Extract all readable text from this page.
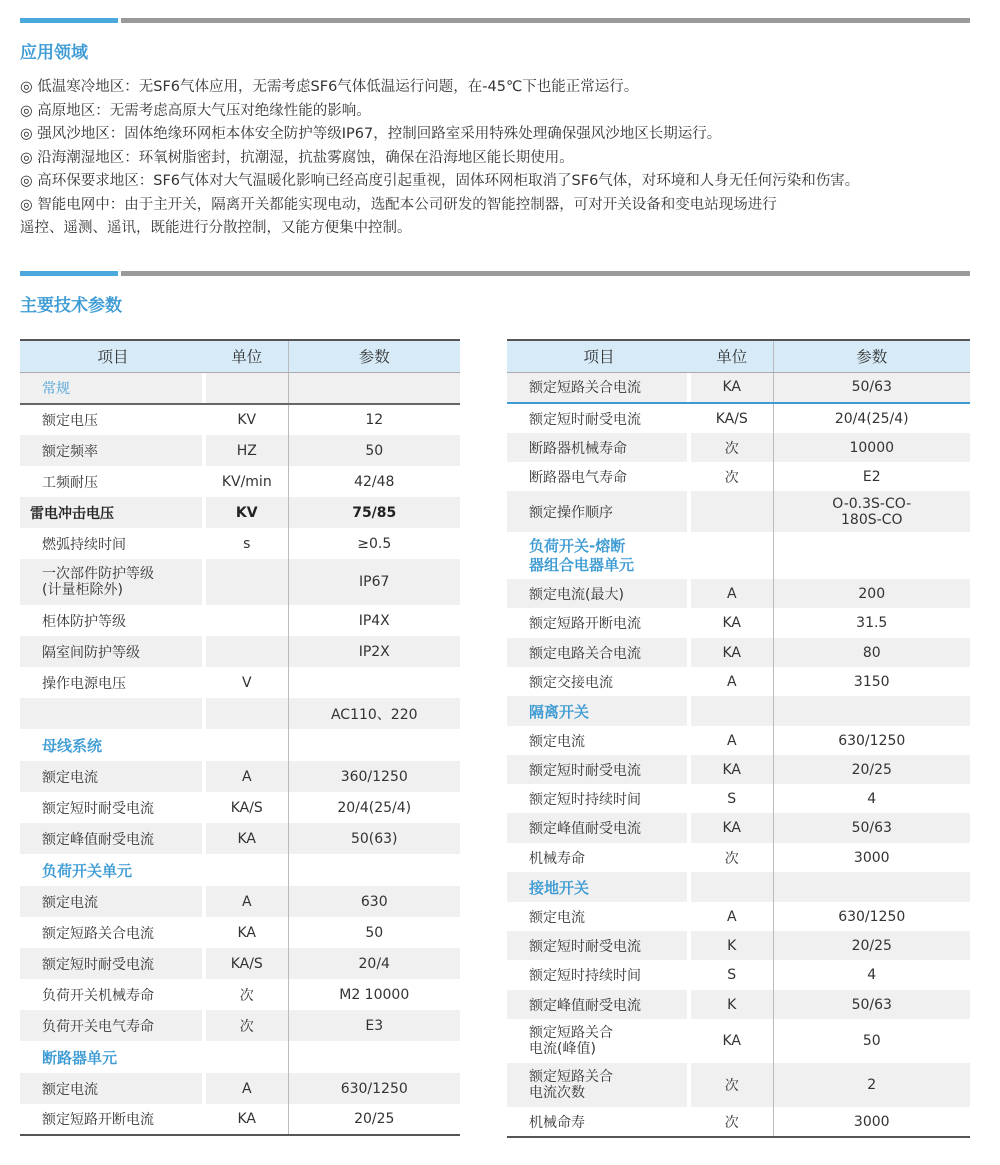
应用领域
◎ 低温寒冷地区：无SF6气体应用，无需考虑SF6气体低温运行问题，在-45℃下也能正常运行。
◎ 高原地区：无需考虑高原大气压对绝缘性能的影响。
◎ 强风沙地区：固体绝缘环网柜本体安全防护等级IP67，控制回路室采用特殊处理确保强风沙地区长期运行。
◎ 沿海潮湿地区：环氧树脂密封，抗潮湿，抗盐雾腐蚀，确保在沿海地区能长期使用。
◎ 高环保要求地区：SF6气体对大气温暖化影响已经高度引起重视，固体环网柜取消了SF6气体，对环境和人身无任何污染和伤害。
◎ 智能电网中：由于主开关，隔离开关都能实现电动，选配本公司研发的智能控制器，可对开关设备和变电站现场进行
遥控、遥测、遥讯，既能进行分散控制，又能方便集中控制。
主要技术参数
项目	单位	参数
常规		
额定电压	KV	12
额定频率	HZ	50
工频耐压	KV/min	42/48
雷电冲击电压	KV	75/85
燃弧持续时间	s	≥0.5

一次部件防护等级
(计量柜除外)		IP67
柜体防护等级		IP4X
隔室间防护等级		IP2X
操作电源电压	V	
		AC110、220
母线系统		
额定电流	A	360/1250
额定短时耐受电流	KA/S	20/4(25/4)
额定峰值耐受电流	KA	50(63)
负荷开关单元		
额定电流	A	630
额定短路关合电流	KA	50
额定短时耐受电流	KA/S	20/4
负荷开关机械寿命	次	M2 10000
负荷开关电气寿命	次	E3
断路器单元		
额定电流	A	630/1250
额定短路开断电流	KA	20/25
项目	单位	参数
额定短路关合电流	KA	50/63
额定短时耐受电流	KA/S	20/4(25/4)
断路器机械寿命	次	10000
断路器电气寿命	次	E2
额定操作顺序		O-0.3S-CO-
180S-CO

负荷开关-熔断
器组合电器单元		

额定电流(最大)	A	200
额定短路开断电流	KA	31.5
额定电路关合电流	KA	80
额定交接电流	A	3150
隔离开关		
额定电流	A	630/1250
额定短时耐受电流	KA	20/25
额定短时持续时间	S	4
额定峰值耐受电流	KA	50/63
机械寿命	次	3000
接地开关		
额定电流	A	630/1250
额定短时耐受电流	K	20/25
额定短时持续时间	S	4
额定峰值耐受电流	K	50/63

额定短路关合
电流(峰值)	KA	50

额定短路关合
电流次数	次	2
机械命寿	次	3000
